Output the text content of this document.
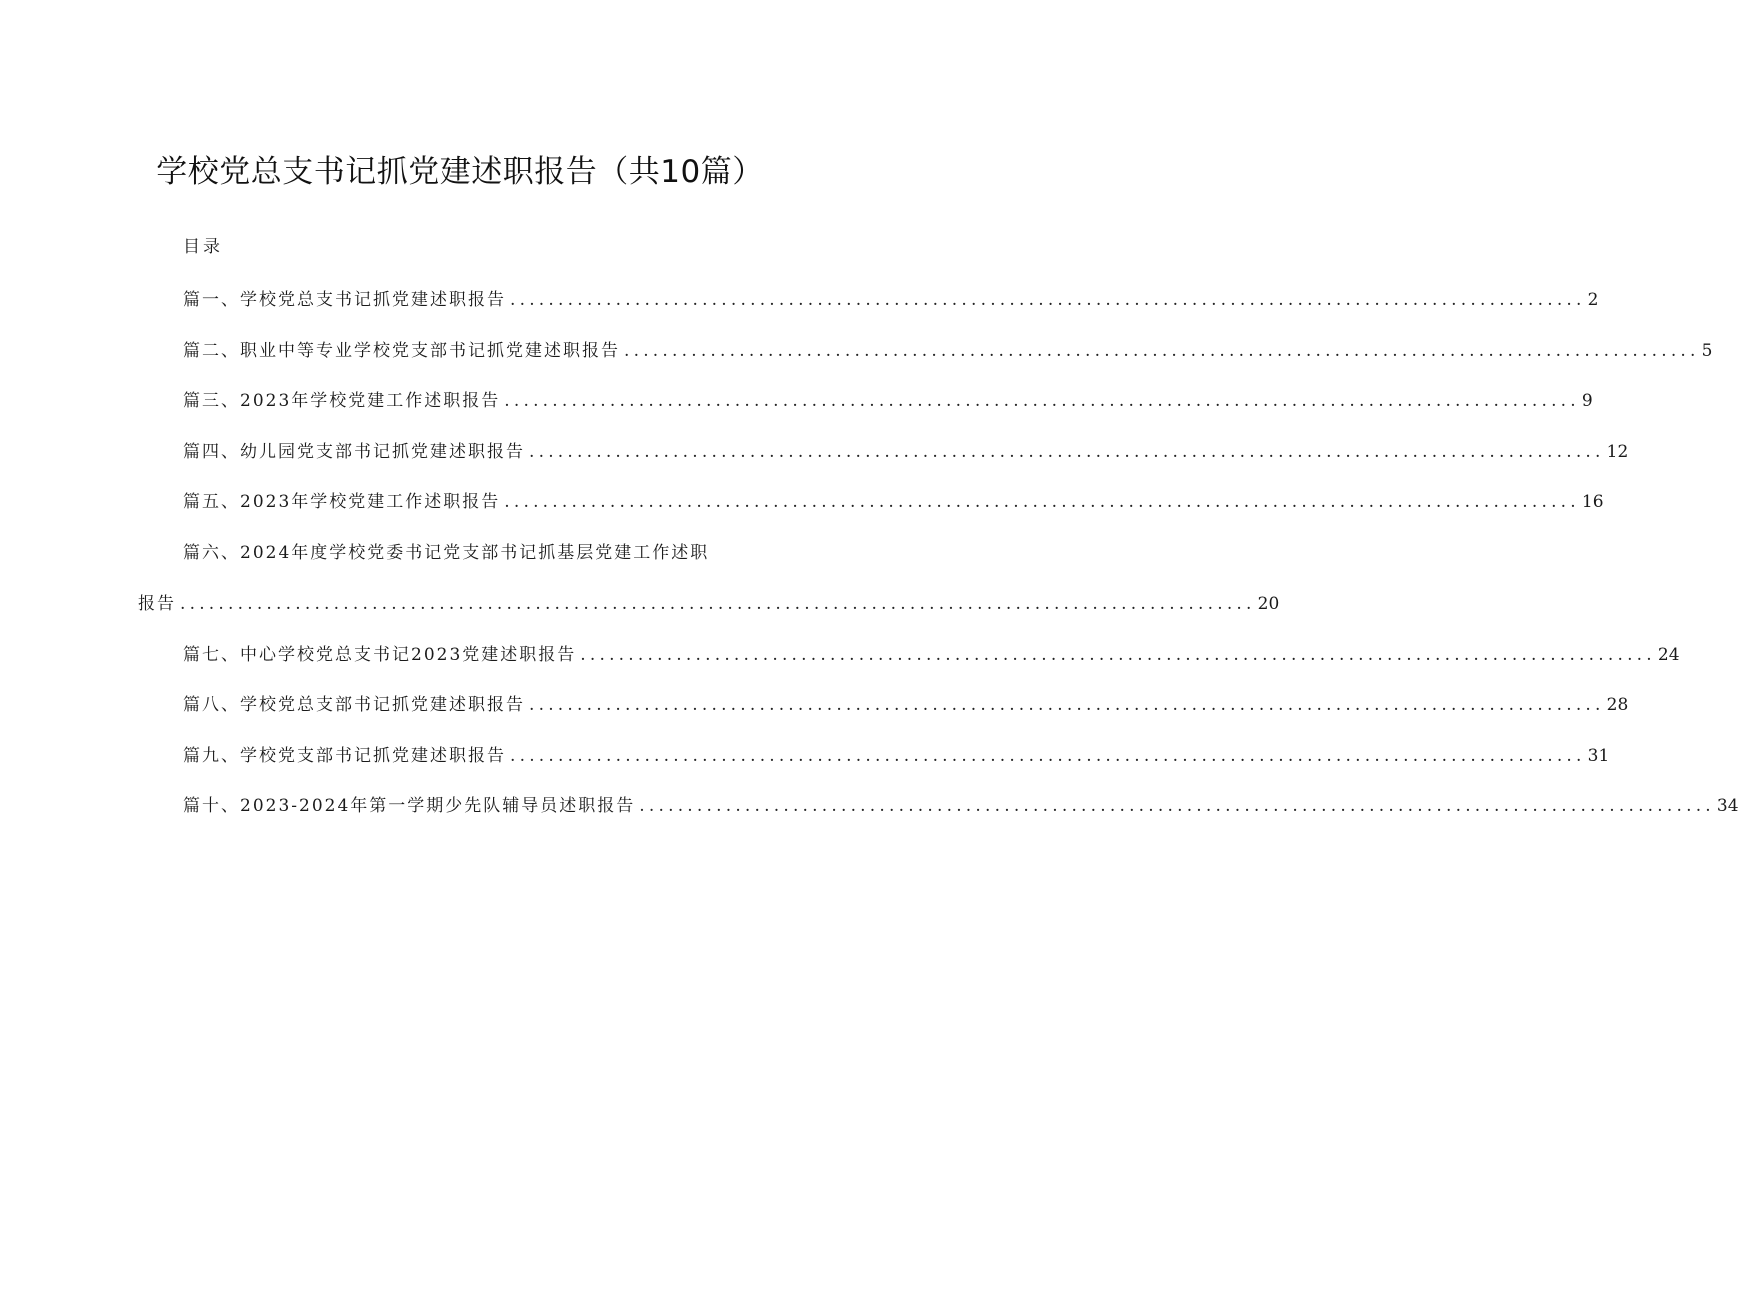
学校党总支书记抓党建述职报告（共10篇）
目录
篇一、学校党总支书记抓党建述职报告 ................................................................................................................ 2
篇二、职业中等专业学校党支部书记抓党建述职报告 ................................................................................................................ 5
篇三、2023年学校党建工作述职报告 ................................................................................................................ 9
篇四、幼儿园党支部书记抓党建述职报告 ................................................................................................................ 12
篇五、2023年学校党建工作述职报告 ................................................................................................................ 16
篇六、2024年度学校党委书记党支部书记抓基层党建工作述职
报告 ................................................................................................................ 20
篇七、中心学校党总支书记2023党建述职报告 ................................................................................................................ 24
篇八、学校党总支部书记抓党建述职报告 ................................................................................................................ 28
篇九、学校党支部书记抓党建述职报告 ................................................................................................................ 31
篇十、2023-2024年第一学期少先队辅导员述职报告 ................................................................................................................ 34
